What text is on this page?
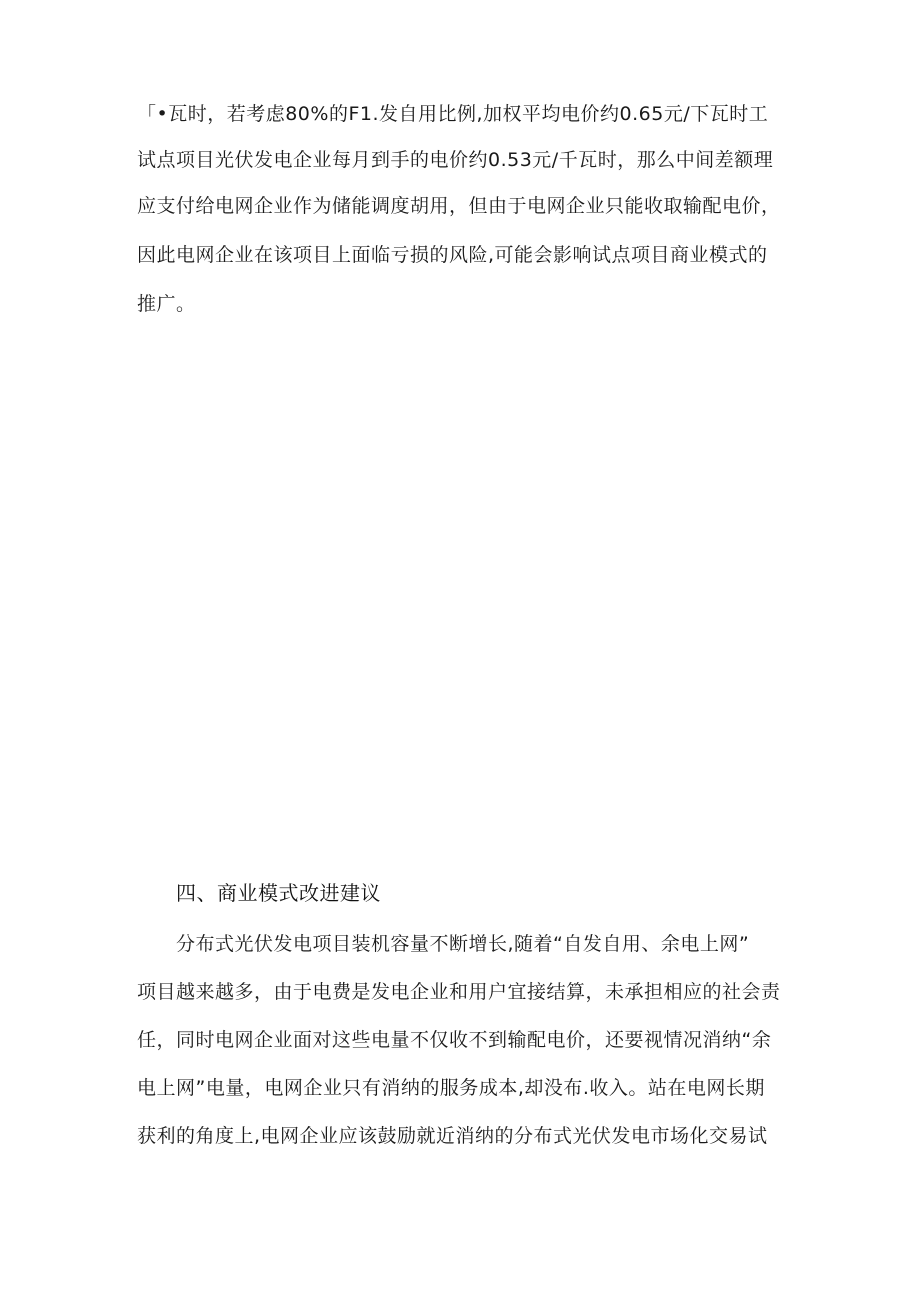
「•瓦时，若考虑80%的F1.发自用比例,加权平均电价约0.65元/下瓦时工
试点项目光伏发电企业每月到手的电价约0.53元/千瓦时，那么中间差额理
应支付给电网企业作为储能调度胡用，但由于电网企业只能收取输配电价，
因此电网企业在该项目上面临亏损的风险,可能会影响试点项目商业模式的
推广。
四、商业模式改进建议
分布式光伏发电项目装机容量不断增长,随着“自发自用、余电上网”
项目越来越多，由于电费是发电企业和用户宜接结算，未承担相应的社会责
任，同时电网企业面对这些电量不仅收不到输配电价，还要视情况消纳“余
电上网”电量，电网企业只有消纳的服务成本,却没布.收入。站在电网长期
获利的角度上,电网企业应该鼓励就近消纳的分布式光伏发电市场化交易试
